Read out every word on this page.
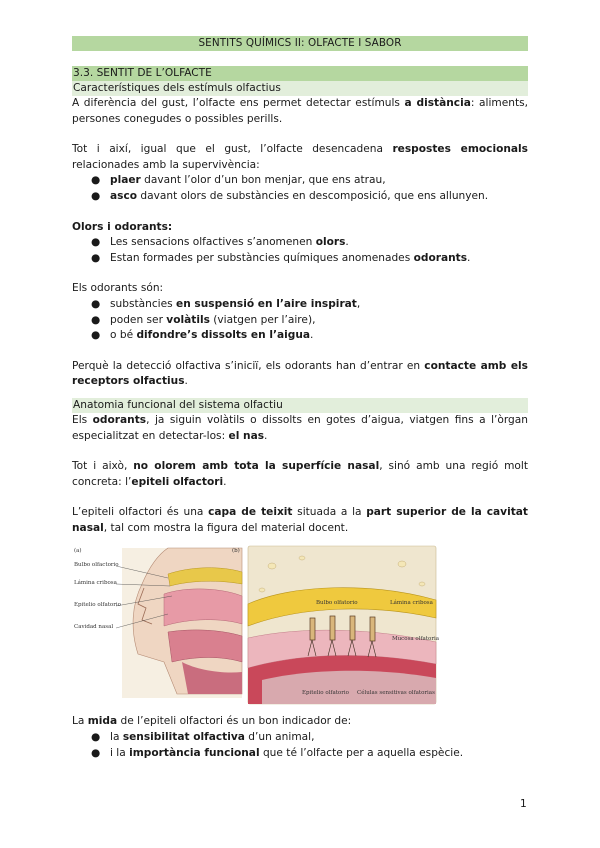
SENTITS QUÍMICS II: OLFACTE I SABOR
3.3. SENTIT DE L’OLFACTE
Característiques dels estímuls olfactius

A diferència del gust, l’olfacte ens permet detectar estímuls a distància: aliments, persones conegudes o possibles perills.

Tot i així, igual que el gust, l’olfacte desencadena respostes emocionals relacionades amb la supervivència:

● plaer davant l’olor d’un bon menjar, que ens atrau,
● asco davant olors de substàncies en descomposició, que ens allunyen.

Olors i odorants:

● Les sensacions olfactives s’anomenen olors.
● Estan formades per substàncies químiques anomenades odorants.

Els odorants són:

● substàncies en suspensió en l’aire inspirat,
● poden ser volàtils (viatgen per l’aire),
● o bé difondre’s dissolts en l’aigua.

Perquè la detecció olfactiva s’iniciï, els odorants han d’entrar en contacte amb els receptors olfactius.

Anatomia funcional del sistema olfactiu

Els odorants, ja siguin volàtils o dissolts en gotes d’aigua, viatgen fins a l’òrgan especialitzat en detectar-los: el nas.

Tot i això, no olorem amb tota la superfície nasal, sinó amb una regió molt concreta: l’epiteli olfactori.

L’epiteli olfactori és una capa de teixit situada a la part superior de la cavitat nasal, tal com mostra la figura del material docent.

(a)
Bulbo olfactorio
Lámina cribosa
Epitelio olfatorio
Cavidad nasal
(b)
Bulbo olfatorio	Lámina cribosa
Mucosa olfatoria
Epitelio olfatorio Células sensitivas olfatorias

La mida de l’epiteli olfactori és un bon indicador de:

● la sensibilitat olfactiva d’un animal,
● i la importància funcional que té l’olfacte per a aquella espècie.
1
